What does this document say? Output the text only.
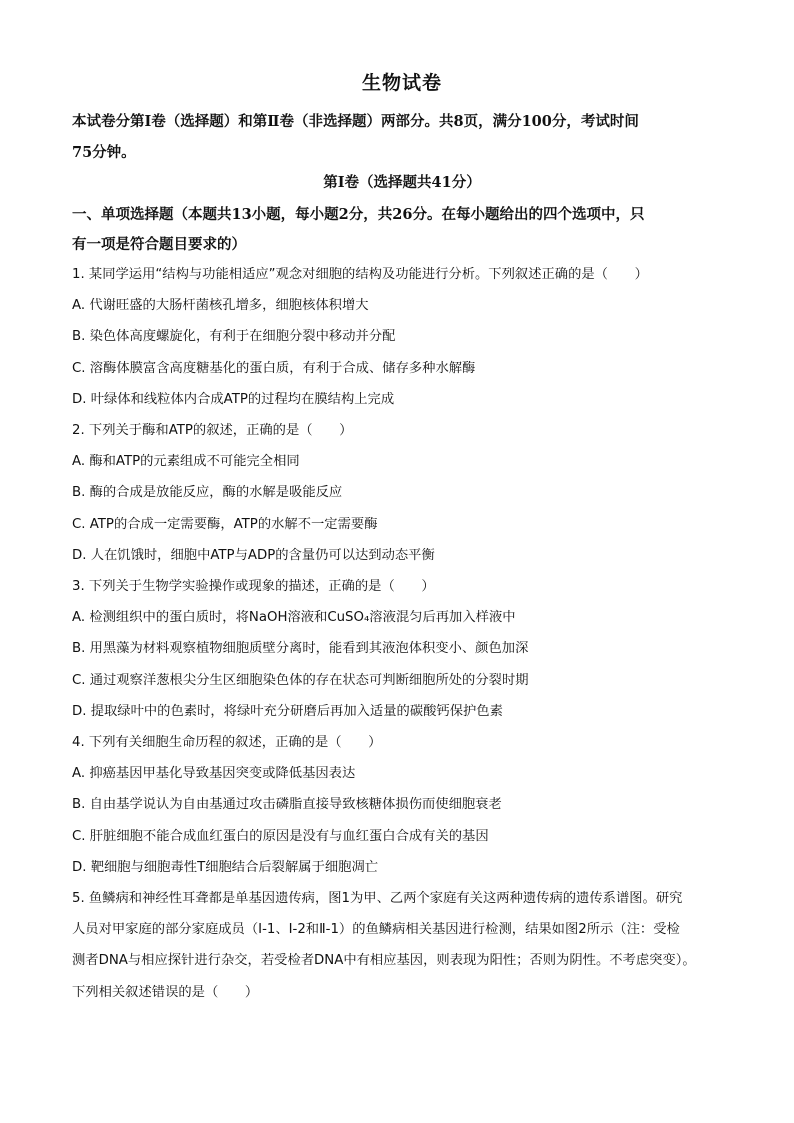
生物试卷
本试卷分第Ⅰ卷（选择题）和第Ⅱ卷（非选择题）两部分。共8页，满分100分，考试时间
75分钟。
第Ⅰ卷（选择题共41分）
一、单项选择题（本题共13小题，每小题2分，共26分。在每小题给出的四个选项中，只
有一项是符合题目要求的）
1. 某同学运用“结构与功能相适应”观念对细胞的结构及功能进行分析。下列叙述正确的是（　　）
A. 代谢旺盛的大肠杆菌核孔增多，细胞核体积增大
B. 染色体高度螺旋化，有利于在细胞分裂中移动并分配
C. 溶酶体膜富含高度糖基化的蛋白质，有利于合成、储存多种水解酶
D. 叶绿体和线粒体内合成ATP的过程均在膜结构上完成
2. 下列关于酶和ATP的叙述，正确的是（　　）
A. 酶和ATP的元素组成不可能完全相同
B. 酶的合成是放能反应，酶的水解是吸能反应
C. ATP的合成一定需要酶，ATP的水解不一定需要酶
D. 人在饥饿时，细胞中ATP与ADP的含量仍可以达到动态平衡
3. 下列关于生物学实验操作或现象的描述，正确的是（　　）
A. 检测组织中的蛋白质时，将NaOH溶液和CuSO₄溶液混匀后再加入样液中
B. 用黑藻为材料观察植物细胞质壁分离时，能看到其液泡体积变小、颜色加深
C. 通过观察洋葱根尖分生区细胞染色体的存在状态可判断细胞所处的分裂时期
D. 提取绿叶中的色素时，将绿叶充分研磨后再加入适量的碳酸钙保护色素
4. 下列有关细胞生命历程的叙述，正确的是（　　）
A. 抑癌基因甲基化导致基因突变或降低基因表达
B. 自由基学说认为自由基通过攻击磷脂直接导致核糖体损伤而使细胞衰老
C. 肝脏细胞不能合成血红蛋白的原因是没有与血红蛋白合成有关的基因
D. 靶细胞与细胞毒性T细胞结合后裂解属于细胞凋亡
5. 鱼鳞病和神经性耳聋都是单基因遗传病，图1为甲、乙两个家庭有关这两种遗传病的遗传系谱图。研究
人员对甲家庭的部分家庭成员（Ⅰ-1、Ⅰ-2和Ⅱ-1）的鱼鳞病相关基因进行检测，结果如图2所示（注：受检
测者DNA与相应探针进行杂交，若受检者DNA中有相应基因，则表现为阳性；否则为阴性。不考虑突变）。
下列相关叙述错误的是（　　）
